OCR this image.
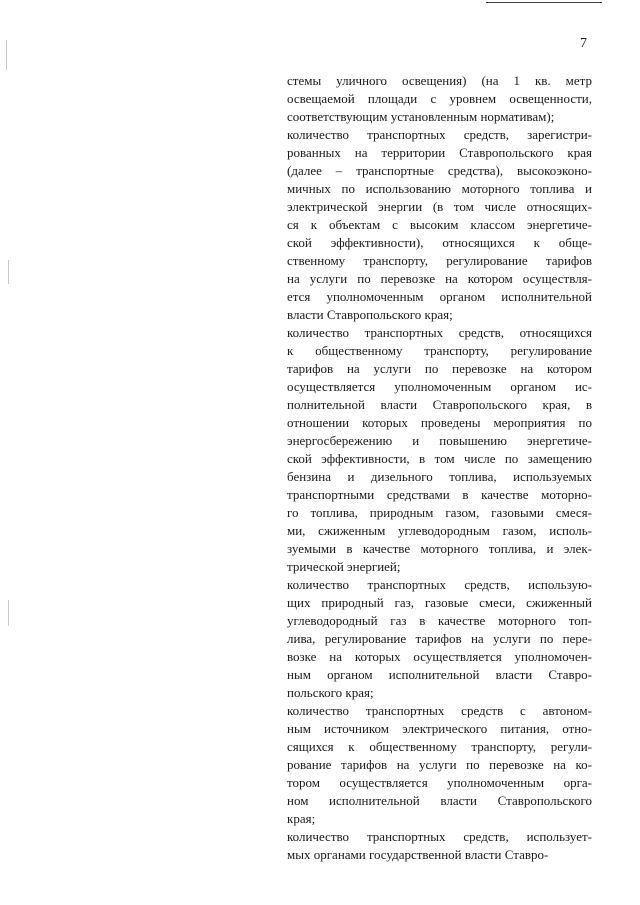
7
стемы уличного освещения) (на 1 кв. метр
освещаемой площади с уровнем освещенности,
соответствующим установленным нормативам);
количество транспортных средств, зарегистри-
рованных на территории Ставропольского края
(далее – транспортные средства), высокоэконо-
мичных по использованию моторного топлива и
электрической энергии (в том числе относящих-
ся к объектам с высоким классом энергетиче-
ской эффективности), относящихся к обще-
ственному транспорту, регулирование тарифов
на услуги по перевозке на котором осуществля-
ется уполномоченным органом исполнительной
власти Ставропольского края;
количество транспортных средств, относящихся
к общественному транспорту, регулирование
тарифов на услуги по перевозке на котором
осуществляется уполномоченным органом ис-
полнительной власти Ставропольского края, в
отношении которых проведены мероприятия по
энергосбережению и повышению энергетиче-
ской эффективности, в том числе по замещению
бензина и дизельного топлива, используемых
транспортными средствами в качестве моторно-
го топлива, природным газом, газовыми смеся-
ми, сжиженным углеводородным газом, исполь-
зуемыми в качестве моторного топлива, и элек-
трической энергией;
количество транспортных средств, использую-
щих природный газ, газовые смеси, сжиженный
углеводородный газ в качестве моторного топ-
лива, регулирование тарифов на услуги по пере-
возке на которых осуществляется уполномочен-
ным органом исполнительной власти Ставро-
польского края;
количество транспортных средств с автоном-
ным источником электрического питания, отно-
сящихся к общественному транспорту, регули-
рование тарифов на услуги по перевозке на ко-
тором осуществляется уполномоченным орга-
ном исполнительной власти Ставропольского
края;
количество транспортных средств, использует-
мых органами государственной власти Ставро-
